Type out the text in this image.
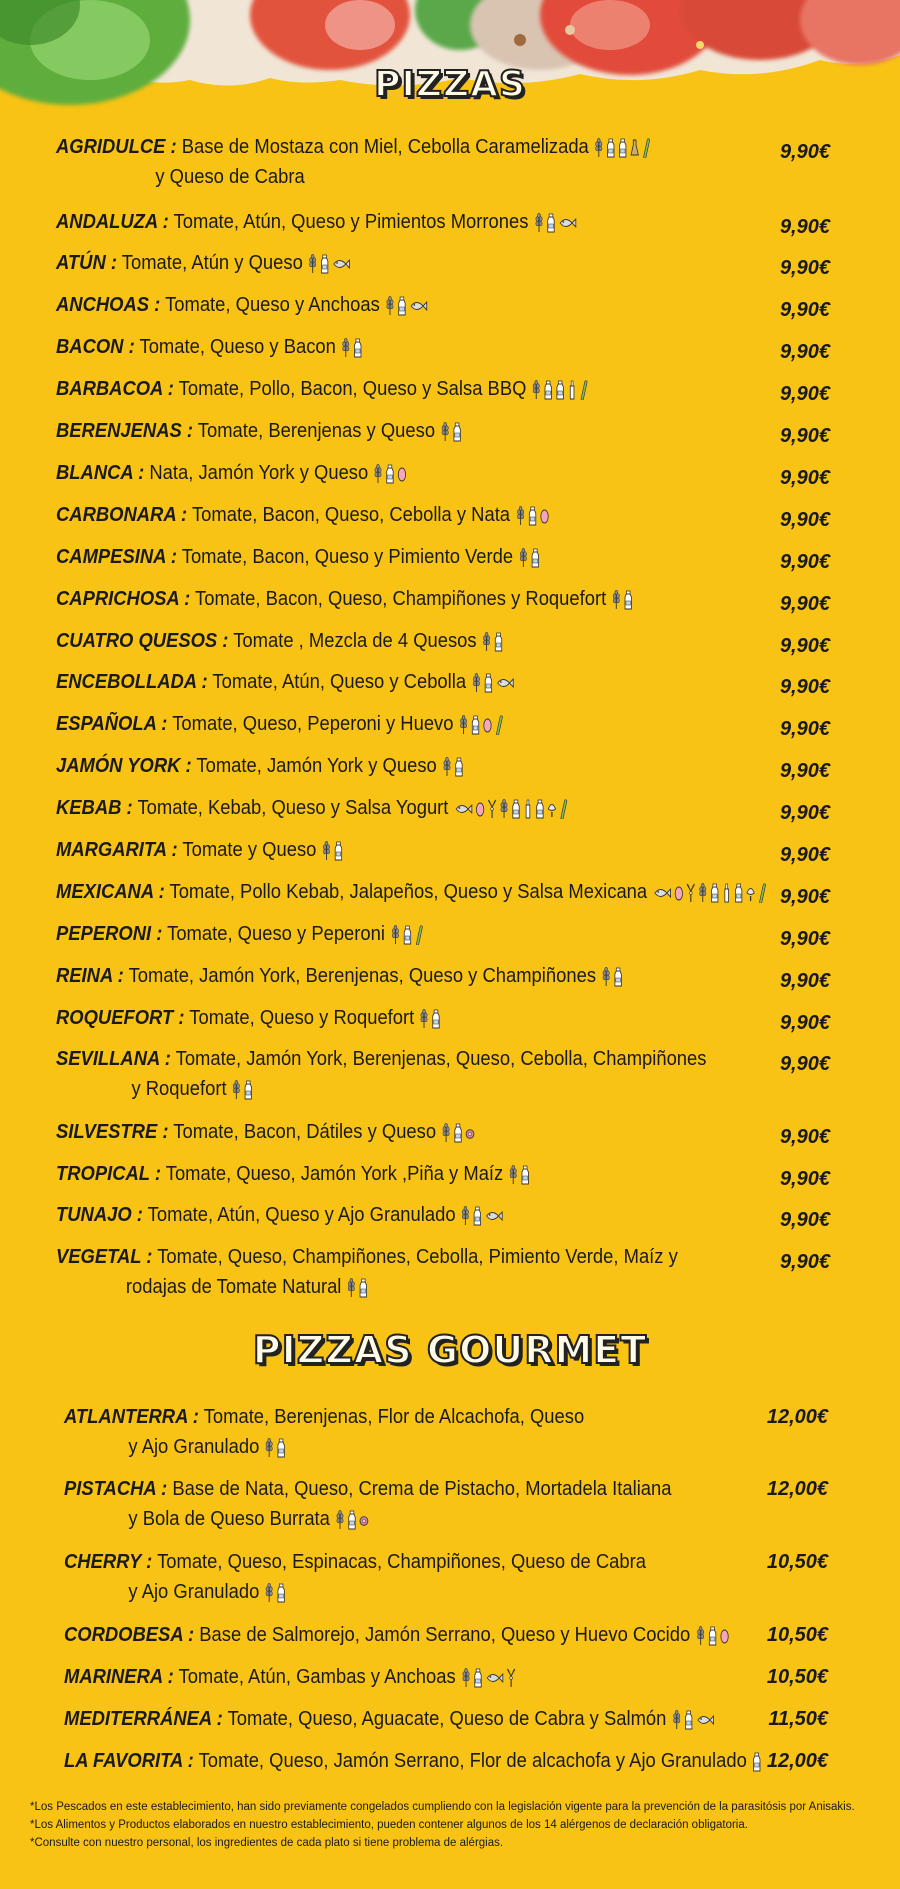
PIZZAS
AGRIDULCE : Base de Mostaza con Miel, Cebolla Caramelizada
y Queso de Cabra
9,90€
ANDALUZA : Tomate, Atún, Queso y Pimientos Morrones	9,90€
ATÚN : Tomate, Atún y Queso	9,90€
ANCHOAS : Tomate, Queso y Anchoas	9,90€
BACON : Tomate, Queso y Bacon	9,90€
BARBACOA : Tomate, Pollo, Bacon, Queso y Salsa BBQ	9,90€
BERENJENAS : Tomate, Berenjenas y Queso	9,90€
BLANCA : Nata, Jamón York y Queso	9,90€
CARBONARA : Tomate, Bacon, Queso, Cebolla y Nata	9,90€
CAMPESINA : Tomate, Bacon, Queso y Pimiento Verde	9,90€
CAPRICHOSA : Tomate, Bacon, Queso, Champiñones y Roquefort	9,90€
CUATRO QUESOS : Tomate , Mezcla de 4 Quesos	9,90€
ENCEBOLLADA : Tomate, Atún, Queso y Cebolla	9,90€
ESPAÑOLA : Tomate, Queso, Peperoni y Huevo	9,90€
JAMÓN YORK : Tomate, Jamón York y Queso	9,90€
KEBAB : Tomate, Kebab, Queso y Salsa Yogurt	9,90€
MARGARITA : Tomate y Queso	9,90€
MEXICANA : Tomate, Pollo Kebab, Jalapeños, Queso y Salsa Mexicana	9,90€
PEPERONI : Tomate, Queso y Peperoni	9,90€
REINA : Tomate, Jamón York, Berenjenas, Queso y Champiñones	9,90€
ROQUEFORT : Tomate, Queso y Roquefort	9,90€
SEVILLANA : Tomate, Jamón York, Berenjenas, Queso, Cebolla, Champiñones
y Roquefort
9,90€
SILVESTRE : Tomate, Bacon, Dátiles y Queso	9,90€
TROPICAL : Tomate, Queso, Jamón York ,Piña y Maíz	9,90€
TUNAJO : Tomate, Atún, Queso y Ajo Granulado	9,90€
VEGETAL : Tomate, Queso, Champiñones, Cebolla, Pimiento Verde, Maíz y
rodajas de Tomate Natural
9,90€
PIZZAS GOURMET
ATLANTERRA : Tomate, Berenjenas, Flor de Alcachofa, Queso
y Ajo Granulado
12,00€
PISTACHA : Base de Nata, Queso, Crema de Pistacho, Mortadela Italiana
y Bola de Queso Burrata
12,00€
CHERRY : Tomate, Queso, Espinacas, Champiñones, Queso de Cabra
y Ajo Granulado
10,50€
CORDOBESA : Base de Salmorejo, Jamón Serrano, Queso y Huevo Cocido	10,50€
MARINERA : Tomate, Atún, Gambas y Anchoas	10,50€
MEDITERRÁNEA : Tomate, Queso, Aguacate, Queso de Cabra y Salmón	11,50€
LA FAVORITA : Tomate, Queso, Jamón Serrano, Flor de alcachofa y Ajo Granulado	12,00€
*Los Pescados en este establecimiento, han sido previamente congelados cumpliendo con la legislación vigente para la prevención de la parasitósis por Anisakis.
*Los Alimentos y Productos elaborados en nuestro establecimiento, pueden contener algunos de los 14 alérgenos de declaración obligatoria.
*Consulte con nuestro personal, los ingredientes de cada plato si tiene problema de alérgias.
